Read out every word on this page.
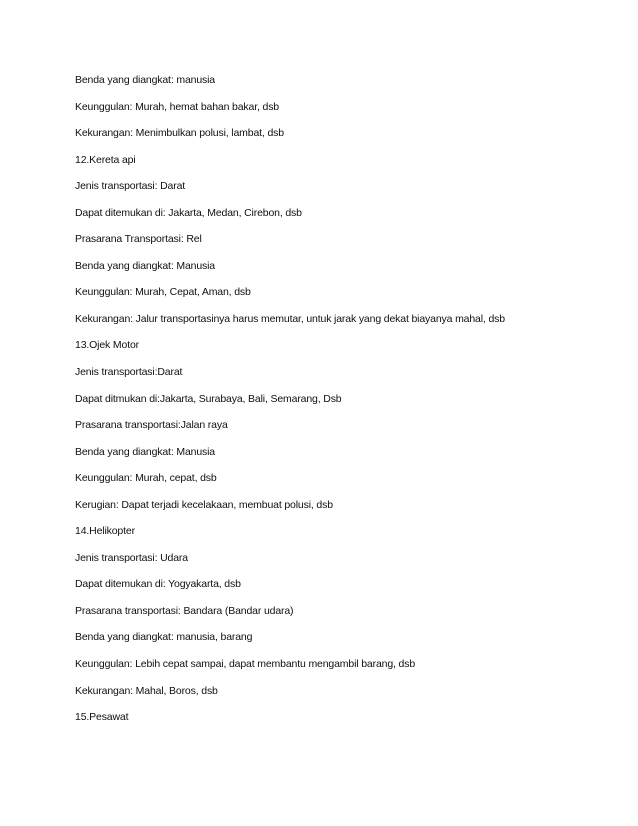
Benda yang diangkat: manusia
Keunggulan: Murah, hemat bahan bakar, dsb
Kekurangan: Menimbulkan polusi, lambat, dsb
12.Kereta api
Jenis transportasi: Darat
Dapat ditemukan di: Jakarta, Medan, Cirebon, dsb
Prasarana Transportasi: Rel
Benda yang diangkat: Manusia
Keunggulan: Murah, Cepat, Aman, dsb
Kekurangan: Jalur transportasinya harus memutar, untuk jarak yang dekat biayanya mahal, dsb
13.Ojek Motor
Jenis transportasi:Darat
Dapat ditmukan di:Jakarta, Surabaya, Bali, Semarang, Dsb
Prasarana transportasi:Jalan raya
Benda yang diangkat: Manusia
Keunggulan: Murah, cepat, dsb
Kerugian: Dapat terjadi kecelakaan, membuat polusi, dsb
14.Helikopter
Jenis transportasi: Udara
Dapat ditemukan di: Yogyakarta, dsb
Prasarana transportasi: Bandara (Bandar udara)
Benda yang diangkat: manusia, barang
Keunggulan: Lebih cepat sampai, dapat membantu mengambil barang, dsb
Kekurangan: Mahal, Boros, dsb
15.Pesawat
